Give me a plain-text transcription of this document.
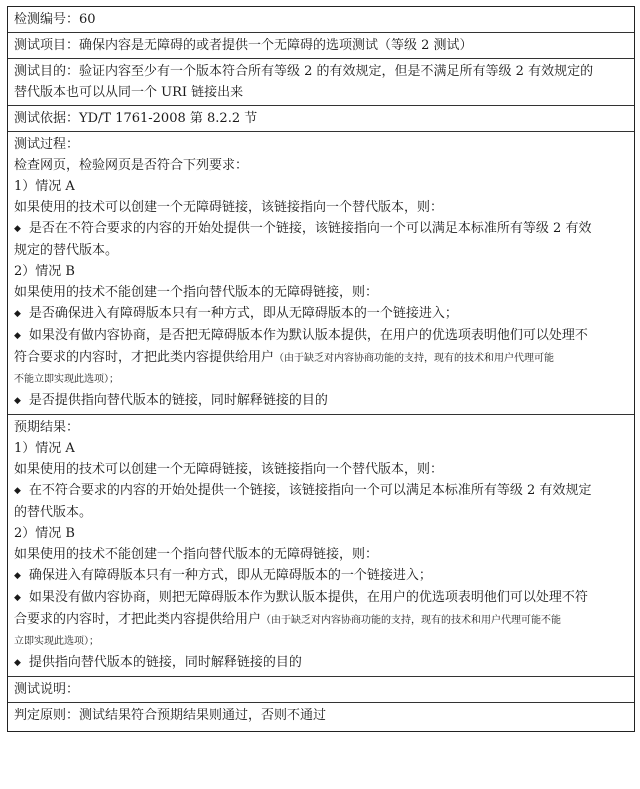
检测编号：60
测试项目：确保内容是无障碍的或者提供一个无障碍的选项测试（等级 2 测试）
测试目的：验证内容至少有一个版本符合所有等级 2 的有效规定，但是不满足所有等级 2 有效规定的
替代版本也可以从同一个 URI 链接出来
测试依据：YD/T 1761-2008 第 8.2.2 节
测试过程：
检查网页，检验网页是否符合下列要求：
1）情况 A
如果使用的技术可以创建一个无障碍链接，该链接指向一个替代版本，则：
◆ 是否在不符合要求的内容的开始处提供一个链接，该链接指向一个可以满足本标准所有等级 2 有效
规定的替代版本。
2）情况 B
如果使用的技术不能创建一个指向替代版本的无障碍链接，则：
◆ 是否确保进入有障碍版本只有一种方式，即从无障碍版本的一个链接进入；
◆ 如果没有做内容协商，是否把无障碍版本作为默认版本提供，在用户的优选项表明他们可以处理不
符合要求的内容时，才把此类内容提供给用户（由于缺乏对内容协商功能的支持，现有的技术和用户代理可能
不能立即实现此选项）；
◆ 是否提供指向替代版本的链接，同时解释链接的目的
预期结果：
1）情况 A
如果使用的技术可以创建一个无障碍链接，该链接指向一个替代版本，则：
◆ 在不符合要求的内容的开始处提供一个链接，该链接指向一个可以满足本标准所有等级 2 有效规定
的替代版本。
2）情况 B
如果使用的技术不能创建一个指向替代版本的无障碍链接，则：
◆ 确保进入有障碍版本只有一种方式，即从无障碍版本的一个链接进入；
◆ 如果没有做内容协商，则把无障碍版本作为默认版本提供，在用户的优选项表明他们可以处理不符
合要求的内容时，才把此类内容提供给用户（由于缺乏对内容协商功能的支持，现有的技术和用户代理可能不能
立即实现此选项）；
◆ 提供指向替代版本的链接，同时解释链接的目的
测试说明：
判定原则：测试结果符合预期结果则通过，否则不通过
